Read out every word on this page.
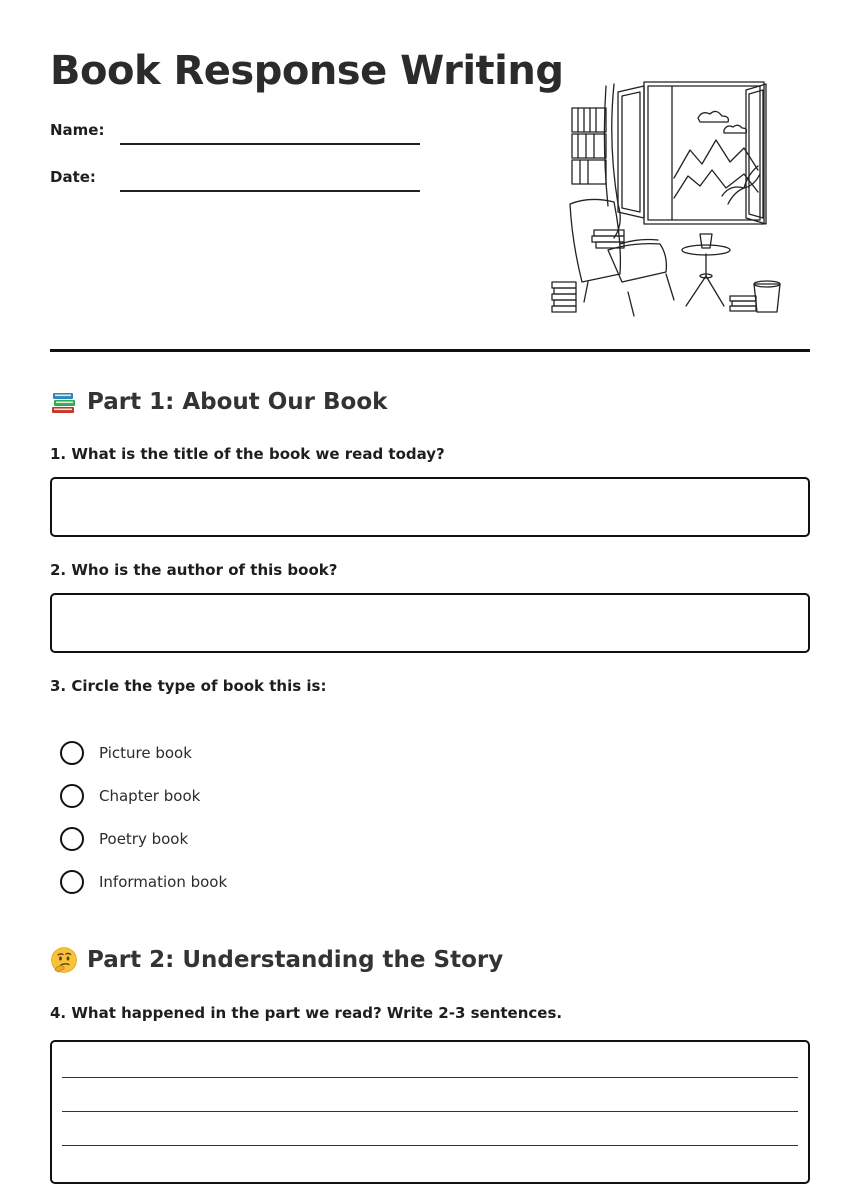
Book Response Writing
Name:
Date:
Part 1: About Our Book
1. What is the title of the book we read today?
2. Who is the author of this book?
3. Circle the type of book this is:
Picture book
Chapter book
Poetry book
Information book
Part 2: Understanding the Story
4. What happened in the part we read? Write 2-3 sentences.
